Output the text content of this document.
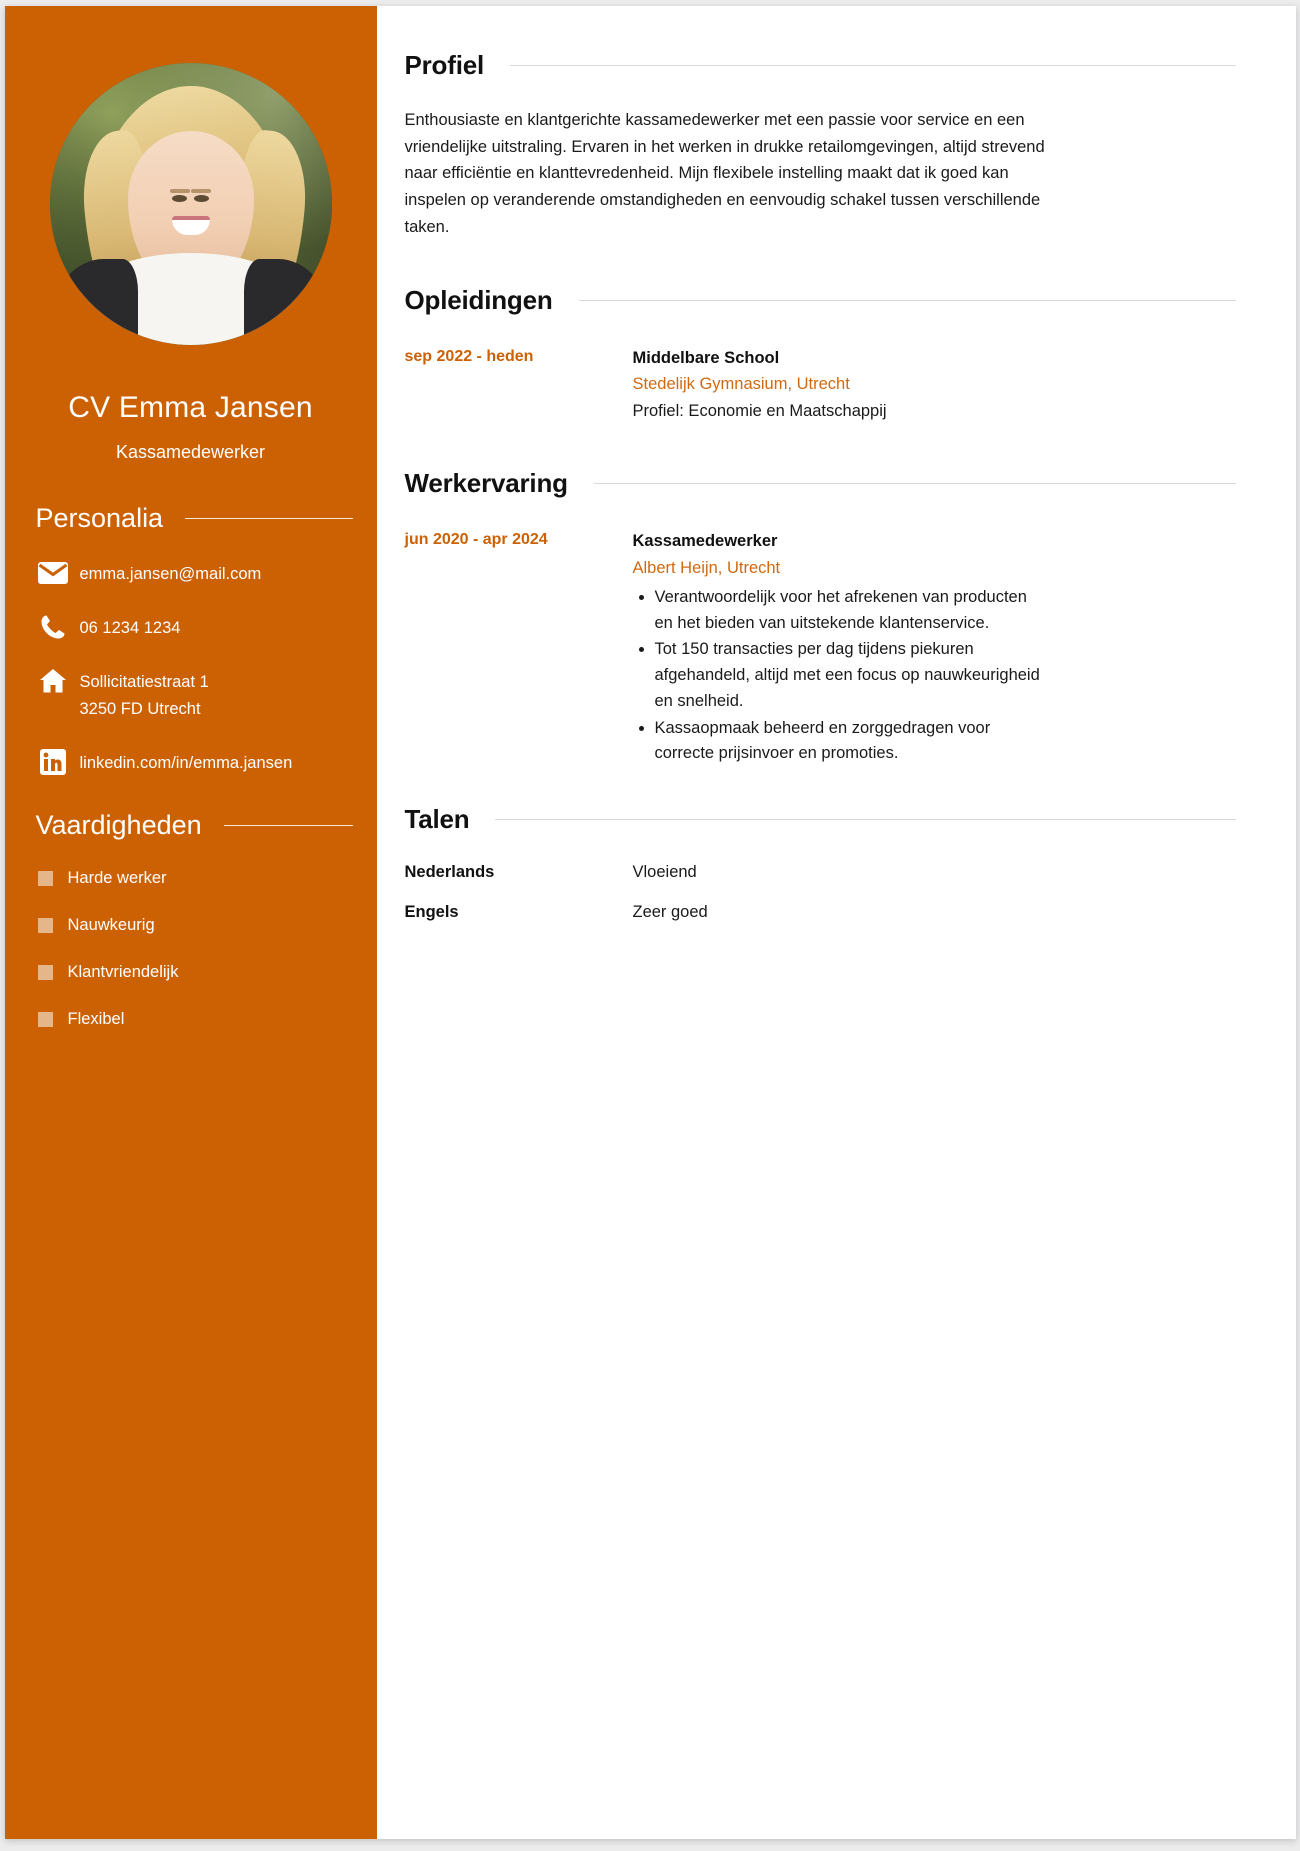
CV Emma Jansen
Kassamedewerker
Personalia
emma.jansen@mail.com
06 1234 1234
Sollicitatiestraat 1
3250 FD Utrecht
linkedin.com/in/emma.jansen
Vaardigheden
Harde werker
Nauwkeurig
Klantvriendelijk
Flexibel
Profiel

Enthousiaste en klantgerichte kassamedewerker met een passie voor service en een vriendelijke uitstraling. Ervaren in het werken in drukke retailomgevingen, altijd strevend naar efficiëntie en klanttevredenheid. Mijn flexibele instelling maakt dat ik goed kan inspelen op veranderende omstandigheden en eenvoudig schakel tussen verschillende taken.

Opleidingen
sep 2022 - heden	Middelbare School
Stedelijk Gymnasium, Utrecht
Profiel: Economie en Maatschappij
Werkervaring
jun 2020 - apr 2024	Kassamedewerker
Albert Heijn, Utrecht
• Verantwoordelijk voor het afrekenen van producten en het bieden van uitstekende klantenservice.
• Tot 150 transacties per dag tijdens piekuren afgehandeld, altijd met een focus op nauwkeurigheid en snelheid.
• Kassaopmaak beheerd en zorggedragen voor correcte prijsinvoer en promoties.
Talen
Nederlands	Vloeiend
Engels	Zeer goed
